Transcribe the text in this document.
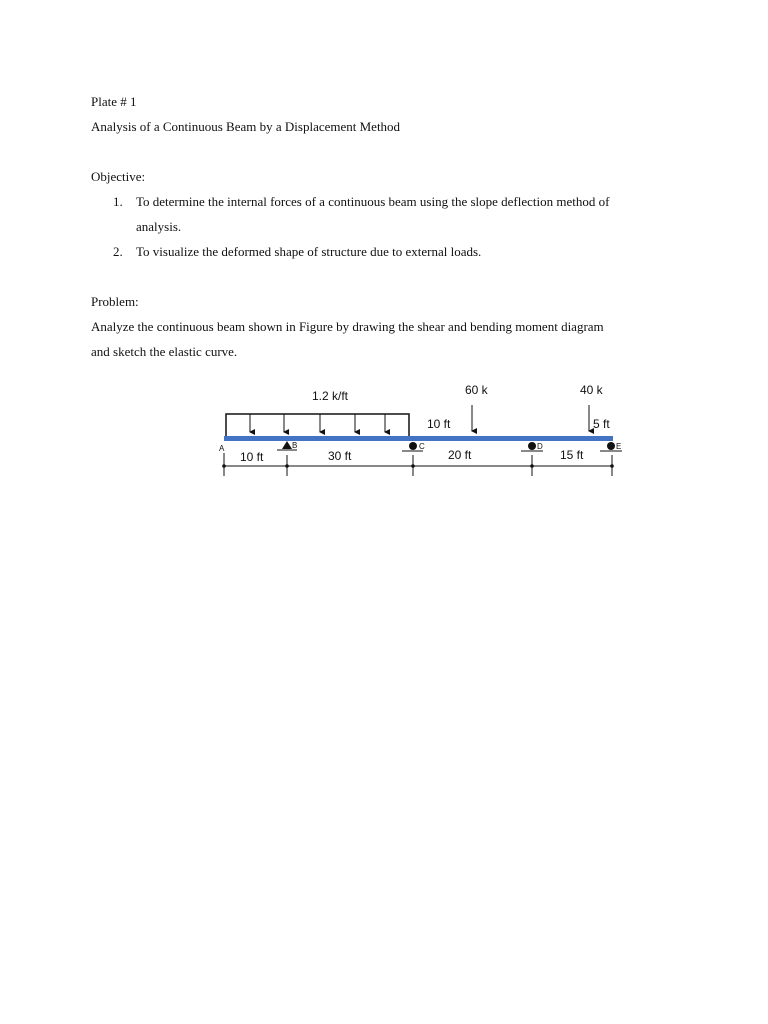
Plate # 1
Analysis of a Continuous Beam by a Displacement Method
Objective:
1. To determine the internal forces of a continuous beam using the slope deflection method of
analysis.
2. To visualize the deformed shape of structure due to external loads.
Problem:
Analyze the continuous beam shown in Figure by drawing the shear and bending moment diagram
and sketch the elastic curve.
1.2 k/ft	60 k
10 ft
40 k
5 ft
A	B	C	D	E
10 ft	30 ft	20 ft	15 ft
